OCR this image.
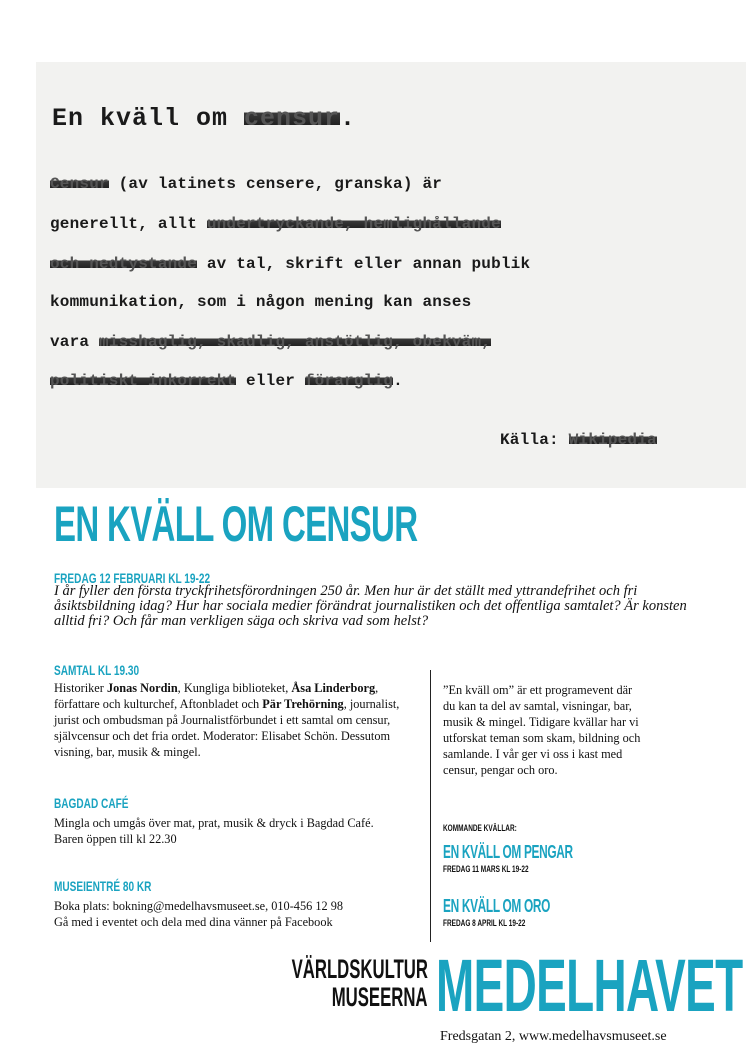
En kväll om censur.
Censur (av latinets censere, granska) är
generellt, allt undertryckande, hemlighållande
och nedtystande av tal, skrift eller annan publik
kommunikation, som i någon mening kan anses
vara misshaglig, skadlig, anstötlig, obekväm,
politiskt inkorrekt eller förarglig.
Källa: Wikipedia
EN KVÄLL OM CENSUR
FREDAG 12 FEBRUARI KL 19-22

I år fyller den första tryckfrihetsförordningen 250 år. Men hur är det ställt med yttrandefrihet och fri åsiktsbildning idag? Hur har sociala medier förändrat journalistiken och det offentliga samtalet? Är konsten alltid fri? Och får man verkligen säga och skriva vad som helst?

SAMTAL KL 19.30

Historiker Jonas Nordin, Kungliga biblioteket, Åsa Linderborg, författare och kulturchef, Aftonbladet och Pär Trehörning, journalist, jurist och ombudsman på Journalistförbundet i ett samtal om censur, självcensur och det fria ordet. Moderator: Elisabet Schön. Dessutom visning, bar, musik & mingel.

BAGDAD CAFÉ

Mingla och umgås över mat, prat, musik & dryck i Bagdad Café. Baren öppen till kl 22.30

MUSEIENTRÉ 80 KR

Boka plats: bokning@medelhavsmuseet.se, 010-456 12 98

Gå med i eventet och dela med dina vänner på Facebook

”En kväll om” är ett programevent där du kan ta del av samtal, visningar, bar, musik & mingel. Tidigare kvällar har vi utforskat teman som skam, bildning och samlande. I vår ger vi oss i kast med censur, pengar och oro.

KOMMANDE KVÄLLAR:
EN KVÄLL OM PENGAR
FREDAG 11 MARS KL 19-22
EN KVÄLL OM ORO
FREDAG 8 APRIL KL 19-22
VÄRLDSKULTUR
MUSEERNA MEDELHAVET
Fredsgatan 2, www.medelhavsmuseet.se
